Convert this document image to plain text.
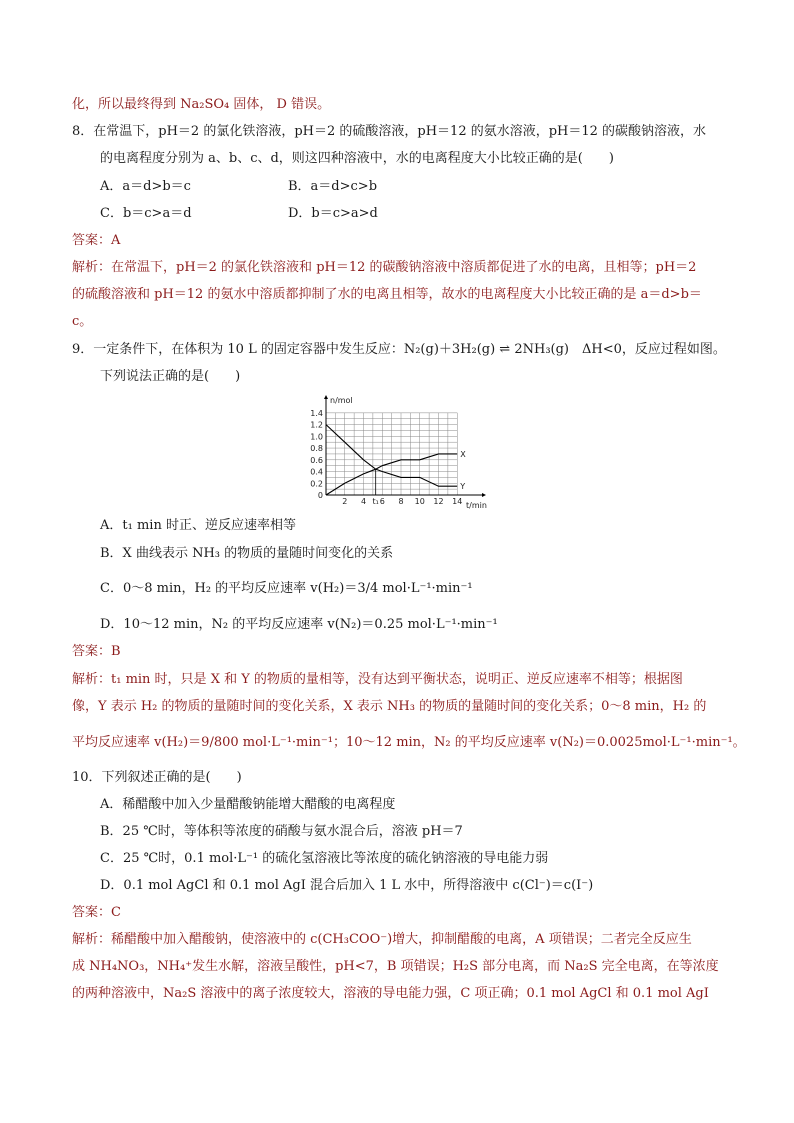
化，所以最终得到 Na₂SO₄ 固体， D 错误。
8．在常温下，pH＝2 的氯化铁溶液，pH＝2 的硫酸溶液，pH＝12 的氨水溶液，pH＝12 的碳酸钠溶液，水
的电离程度分别为 a、b、c、d，则这四种溶液中，水的电离程度大小比较正确的是(　　)
A．a＝d>b＝c	B．a＝d>c>b
C．b＝c>a＝d	D．b＝c>a>d
答案：A
解析：在常温下，pH＝2 的氯化铁溶液和 pH＝12 的碳酸钠溶液中溶质都促进了水的电离，且相等；pH＝2
的硫酸溶液和 pH＝12 的氨水中溶质都抑制了水的电离且相等，故水的电离程度大小比较正确的是 a＝d>b＝
c。
9．一定条件下，在体积为 10 L 的固定容器中发生反应：N₂(g)＋3H₂(g) ⇌ 2NH₃(g)　ΔH<0，反应过程如图。
下列说法正确的是(　　)
2 4 t₁ 6 8 10 12 14
0
0.2
0.4
0.6
0.8
1.0
1.2
1.4
X
Y
n/mol
t/min
A．t₁ min 时正、逆反应速率相等
B．X 曲线表示 NH₃ 的物质的量随时间变化的关系
C．0～8 min，H₂ 的平均反应速率 v(H₂)＝3/4 mol·L⁻¹·min⁻¹
D．10～12 min，N₂ 的平均反应速率 v(N₂)＝0.25 mol·L⁻¹·min⁻¹
答案：B
解析：t₁ min 时，只是 X 和 Y 的物质的量相等，没有达到平衡状态，说明正、逆反应速率不相等；根据图
像，Y 表示 H₂ 的物质的量随时间的变化关系，X 表示 NH₃ 的物质的量随时间的变化关系；0～8 min，H₂ 的
平均反应速率 v(H₂)＝9/800 mol·L⁻¹·min⁻¹；10～12 min，N₂ 的平均反应速率 v(N₂)＝0.0025mol·L⁻¹·min⁻¹。
10．下列叙述正确的是(　　)
A．稀醋酸中加入少量醋酸钠能增大醋酸的电离程度
B．25 ℃时，等体积等浓度的硝酸与氨水混合后，溶液 pH＝7
C．25 ℃时，0.1 mol·L⁻¹ 的硫化氢溶液比等浓度的硫化钠溶液的导电能力弱
D．0.1 mol AgCl 和 0.1 mol AgI 混合后加入 1 L 水中，所得溶液中 c(Cl⁻)＝c(I⁻)
答案：C
解析：稀醋酸中加入醋酸钠，使溶液中的 c(CH₃COO⁻)增大，抑制醋酸的电离，A 项错误；二者完全反应生
成 NH₄NO₃，NH₄⁺发生水解，溶液呈酸性，pH<7，B 项错误；H₂S 部分电离，而 Na₂S 完全电离，在等浓度
的两种溶液中，Na₂S 溶液中的离子浓度较大，溶液的导电能力强，C 项正确；0.1 mol AgCl 和 0.1 mol AgI
